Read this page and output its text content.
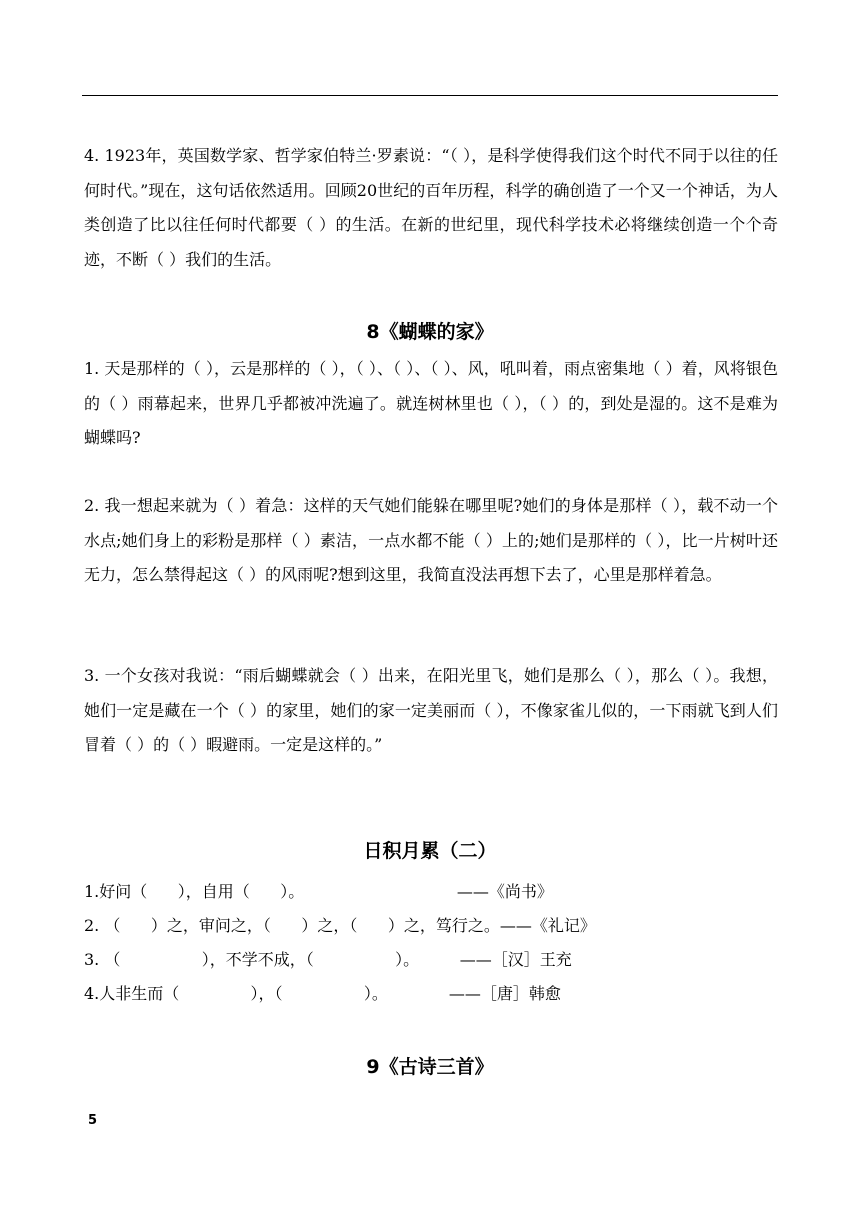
4. 1923年，英国数学家、哲学家伯特兰·罗素说：“（ ），是科学使得我们这个时代不同于以往的任何时代。”现在，这句话依然适用。回顾20世纪的百年历程，科学的确创造了一个又一个神话，为人类创造了比以往任何时代都要（ ）的生活。在新的世纪里，现代科学技术必将继续创造一个个奇迹，不断（ ）我们的生活。
8《蝴蝶的家》
1. 天是那样的（ ），云是那样的（ ），（ ）、（ ）、（ ）、风，吼叫着，雨点密集地（ ）着，风将银色的（ ）雨幕起来，世界几乎都被冲洗遍了。就连树林里也（ ），（ ）的，到处是湿的。这不是难为蝴蝶吗?
2. 我一想起来就为（ ）着急：这样的天气她们能躲在哪里呢?她们的身体是那样（ ），载不动一个水点;她们身上的彩粉是那样（ ）素洁，一点水都不能（ ）上的;她们是那样的（ ），比一片树叶还无力，怎么禁得起这（ ）的风雨呢?想到这里，我简直没法再想下去了，心里是那样着急。
3. 一个女孩对我说：“雨后蝴蝶就会（ ）出来，在阳光里飞，她们是那么（ ），那么（ ）。我想，她们一定是藏在一个（ ）的家里，她们的家一定美丽而（ ），不像家雀儿似的，一下雨就飞到人们冒着（ ）的（ ）暇避雨。一定是这样的。”
日积月累（二）
1.好问（      ），自用（      ）。                              ——《尚书》
2. （      ）之，审问之，（      ）之，（      ）之，笃行之。——《礼记》
3. （                ），不学不成，（                ）。        ——［汉］王充
4.人非生而（              ），（                ）。            ——［唐］韩愈
9《古诗三首》
5
